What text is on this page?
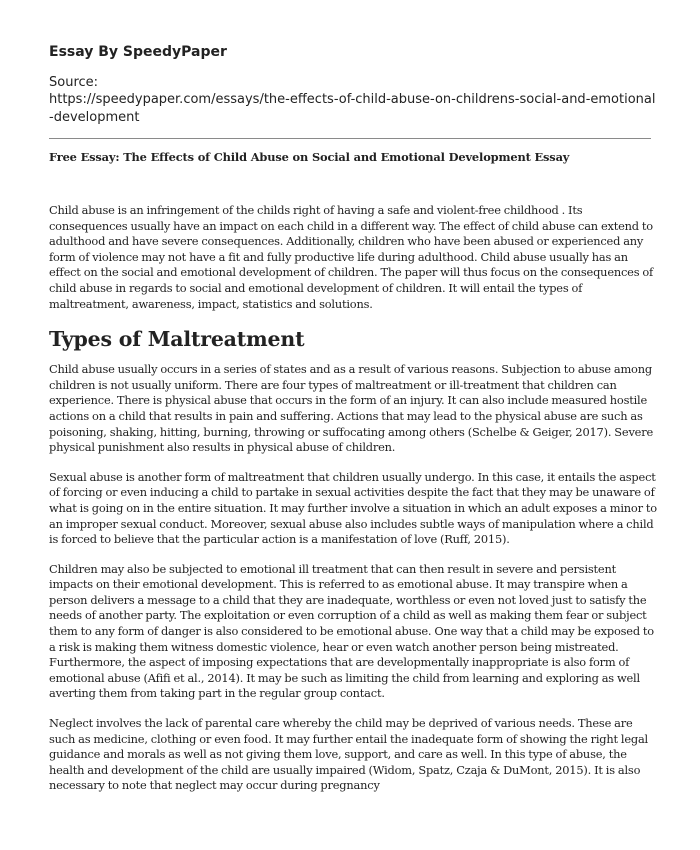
Essay By SpeedyPaper
Source:
https://speedypaper.com/essays/the-effects-of-child-abuse-on-childrens-social-and-emotional-development
Free Essay: The Effects of Child Abuse on Social and Emotional Development Essay

Child abuse is an infringement of the childs right of having a safe and violent-free childhood . Its consequences usually have an impact on each child in a different way. The effect of child abuse can extend to adulthood and have severe consequences. Additionally, children who have been abused or experienced any form of violence may not have a fit and fully productive life during adulthood. Child abuse usually has an effect on the social and emotional development of children. The paper will thus focus on the consequences of child abuse in regards to social and emotional development of children. It will entail the types of maltreatment, awareness, impact, statistics and solutions.

Types of Maltreatment

Child abuse usually occurs in a series of states and as a result of various reasons. Subjection to abuse among children is not usually uniform. There are four types of maltreatment or ill-treatment that children can experience. There is physical abuse that occurs in the form of an injury. It can also include measured hostile actions on a child that results in pain and suffering. Actions that may lead to the physical abuse are such as poisoning, shaking, hitting, burning, throwing or suffocating among others (Schelbe & Geiger, 2017). Severe physical punishment also results in physical abuse of children.

Sexual abuse is another form of maltreatment that children usually undergo. In this case, it entails the aspect of forcing or even inducing a child to partake in sexual activities despite the fact that they may be unaware of what is going on in the entire situation. It may further involve a situation in which an adult exposes a minor to an improper sexual conduct. Moreover, sexual abuse also includes subtle ways of manipulation where a child is forced to believe that the particular action is a manifestation of love (Ruff, 2015).

Children may also be subjected to emotional ill treatment that can then result in severe and persistent impacts on their emotional development. This is referred to as emotional abuse. It may transpire when a person delivers a message to a child that they are inadequate, worthless or even not loved just to satisfy the needs of another party. The exploitation or even corruption of a child as well as making them fear or subject them to any form of danger is also considered to be emotional abuse. One way that a child may be exposed to a risk is making them witness domestic violence, hear or even watch another person being mistreated. Furthermore, the aspect of imposing expectations that are developmentally inappropriate is also form of emotional abuse (Afifi et al., 2014). It may be such as limiting the child from learning and exploring as well averting them from taking part in the regular group contact.

Neglect involves the lack of parental care whereby the child may be deprived of various needs. These are such as medicine, clothing or even food. It may further entail the inadequate form of showing the right legal guidance and morals as well as not giving them love, support, and care as well. In this type of abuse, the health and development of the child are usually impaired (Widom, Spatz, Czaja & DuMont, 2015). It is also necessary to note that neglect may occur during pregnancy
